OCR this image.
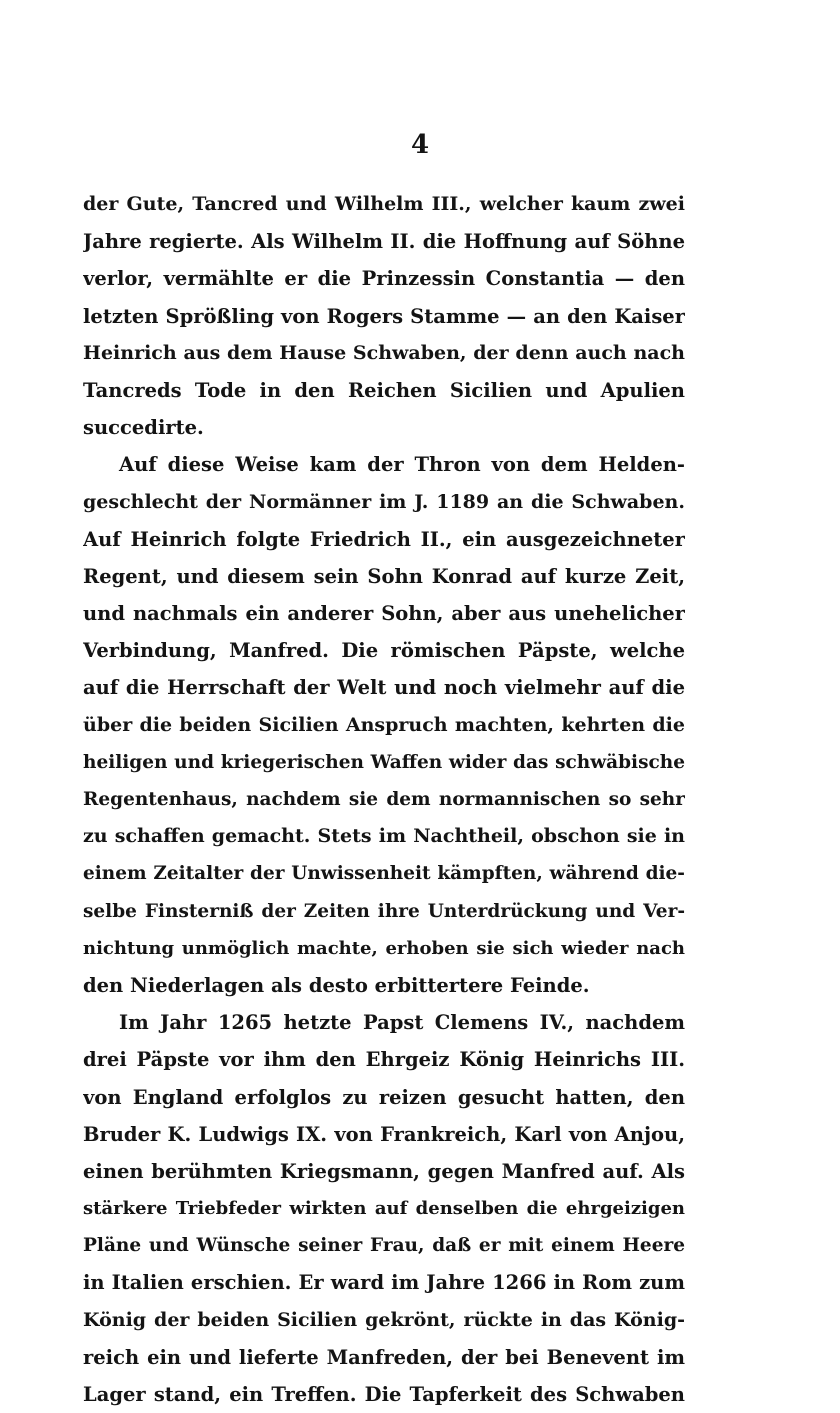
4
der Gute, Tancred und Wilhelm III., welcher kaum zwei
Jahre regierte. Als Wilhelm II. die Hoffnung auf Söhne
verlor, vermählte er die Prinzessin Constantia — den
letzten Sprößling von Rogers Stamme — an den Kaiser
Heinrich aus dem Hause Schwaben, der denn auch nach
Tancreds Tode in den Reichen Sicilien und Apulien
succedirte.
Auf diese Weise kam der Thron von dem Helden-
geschlecht der Normänner im J. 1189 an die Schwaben.
Auf Heinrich folgte Friedrich II., ein ausgezeichneter
Regent, und diesem sein Sohn Konrad auf kurze Zeit,
und nachmals ein anderer Sohn, aber aus unehelicher
Verbindung, Manfred. Die römischen Päpste, welche
auf die Herrschaft der Welt und noch vielmehr auf die
über die beiden Sicilien Anspruch machten, kehrten die
heiligen und kriegerischen Waffen wider das schwäbische
Regentenhaus, nachdem sie dem normannischen so sehr
zu schaffen gemacht. Stets im Nachtheil, obschon sie in
einem Zeitalter der Unwissenheit kämpften, während die-
selbe Finsterniß der Zeiten ihre Unterdrückung und Ver-
nichtung unmöglich machte, erhoben sie sich wieder nach
den Niederlagen als desto erbittertere Feinde.
Im Jahr 1265 hetzte Papst Clemens IV., nachdem
drei Päpste vor ihm den Ehrgeiz König Heinrichs III.
von England erfolglos zu reizen gesucht hatten, den
Bruder K. Ludwigs IX. von Frankreich, Karl von Anjou,
einen berühmten Kriegsmann, gegen Manfred auf. Als
stärkere Triebfeder wirkten auf denselben die ehrgeizigen
Pläne und Wünsche seiner Frau, daß er mit einem Heere
in Italien erschien. Er ward im Jahre 1266 in Rom zum
König der beiden Sicilien gekrönt, rückte in das König-
reich ein und lieferte Manfreden, der bei Benevent im
Lager stand, ein Treffen. Die Tapferkeit des Schwaben
